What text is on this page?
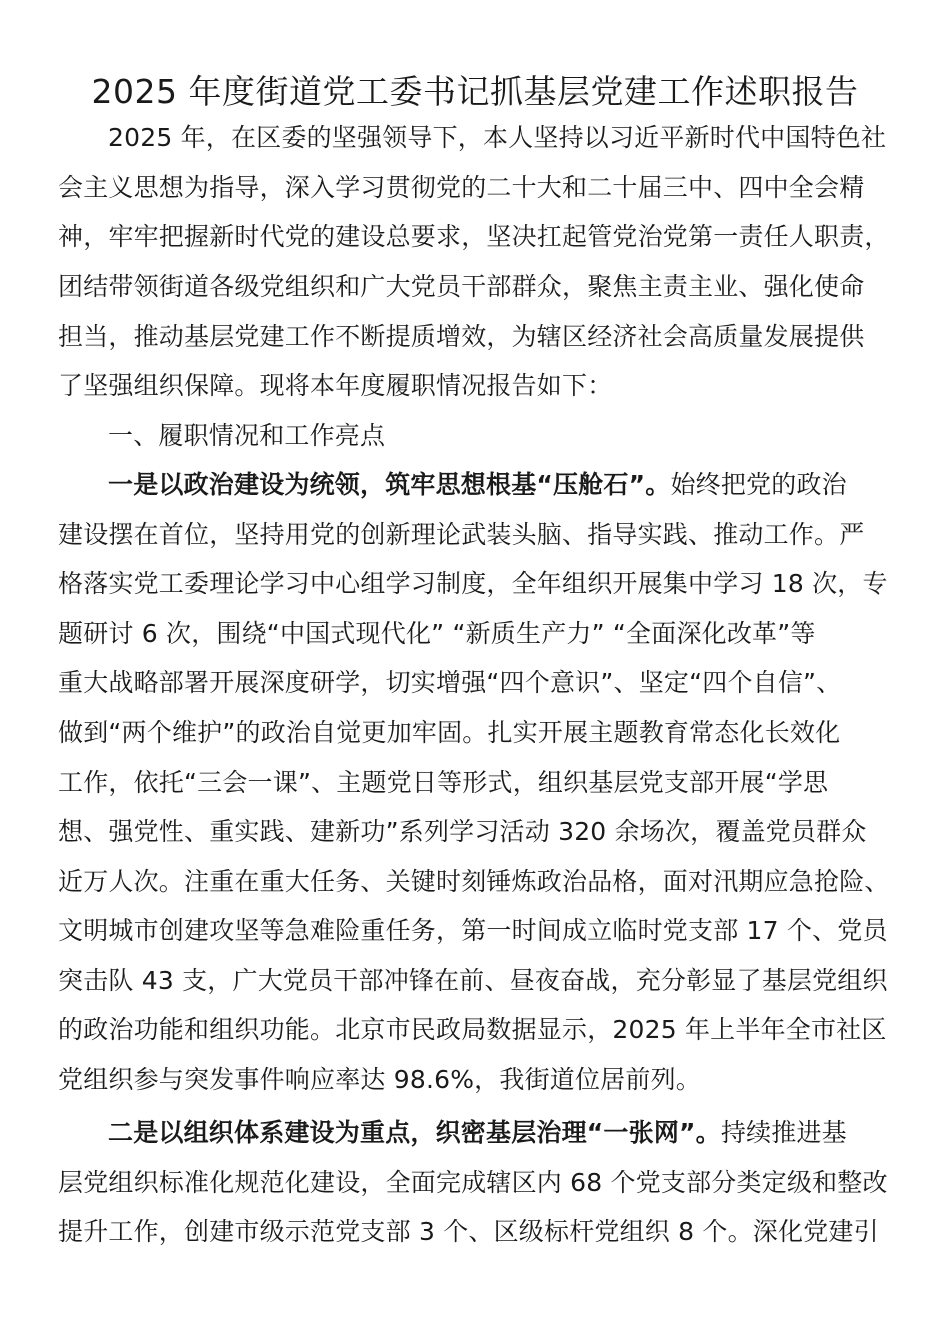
2025 年度街道党工委书记抓基层党建工作述职报告
2025 年，在区委的坚强领导下，本人坚持以习近平新时代中国特色社
会主义思想为指导，深入学习贯彻党的二十大和二十届三中、四中全会精
神，牢牢把握新时代党的建设总要求，坚决扛起管党治党第一责任人职责，
团结带领街道各级党组织和广大党员干部群众，聚焦主责主业、强化使命
担当，推动基层党建工作不断提质增效，为辖区经济社会高质量发展提供
了坚强组织保障。现将本年度履职情况报告如下：
一、履职情况和工作亮点
一是以政治建设为统领，筑牢思想根基“压舱石”。始终把党的政治
建设摆在首位，坚持用党的创新理论武装头脑、指导实践、推动工作。严
格落实党工委理论学习中心组学习制度，全年组织开展集中学习 18 次，专
题研讨 6 次，围绕“中国式现代化” “新质生产力” “全面深化改革”等
重大战略部署开展深度研学，切实增强“四个意识”、坚定“四个自信”、
做到“两个维护”的政治自觉更加牢固。扎实开展主题教育常态化长效化
工作，依托“三会一课”、主题党日等形式，组织基层党支部开展“学思
想、强党性、重实践、建新功”系列学习活动 320 余场次，覆盖党员群众
近万人次。注重在重大任务、关键时刻锤炼政治品格，面对汛期应急抢险、
文明城市创建攻坚等急难险重任务，第一时间成立临时党支部 17 个、党员
突击队 43 支，广大党员干部冲锋在前、昼夜奋战，充分彰显了基层党组织
的政治功能和组织功能。北京市民政局数据显示，2025 年上半年全市社区
党组织参与突发事件响应率达 98.6%，我街道位居前列。
二是以组织体系建设为重点，织密基层治理“一张网”。持续推进基
层党组织标准化规范化建设，全面完成辖区内 68 个党支部分类定级和整改
提升工作，创建市级示范党支部 3 个、区级标杆党组织 8 个。深化党建引
